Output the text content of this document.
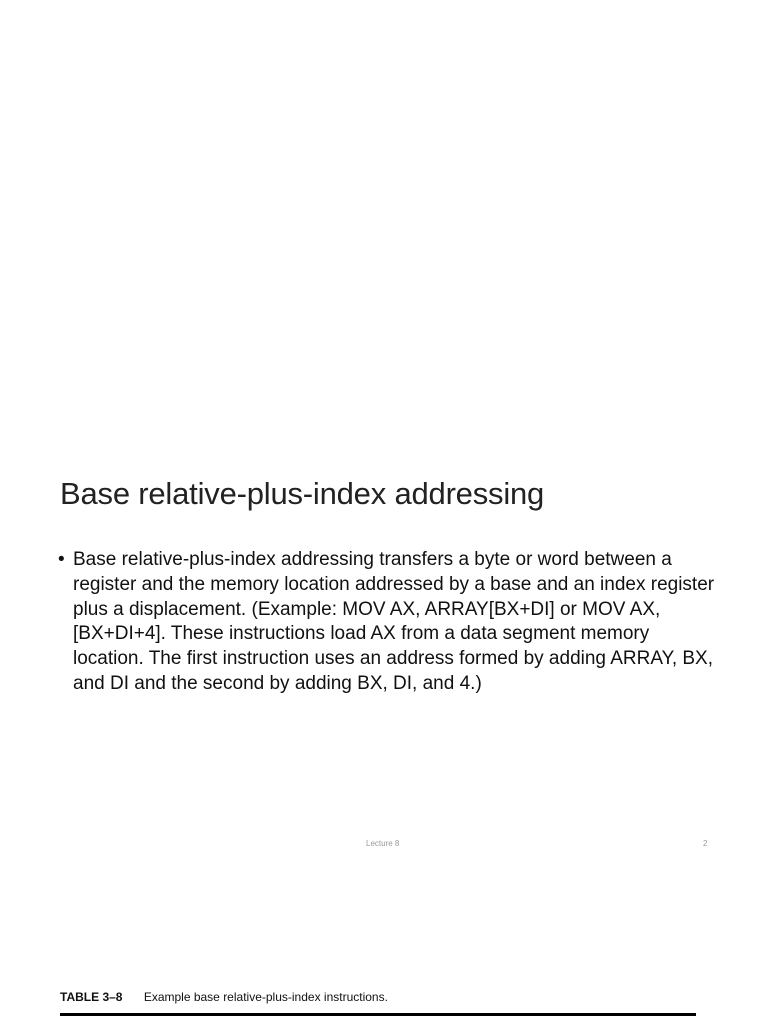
Base relative-plus-index addressing
• Base relative-plus-index addressing transfers a byte or word between a register and the memory location addressed by a base and an index register plus a displacement. (Example: MOV AX, ARRAY[BX+DI] or MOV AX, [BX+DI+4]. These instructions load AX from a data segment memory location. The first instruction uses an address formed by adding ARRAY, BX, and DI and the second by adding BX, DI, and 4.)
Lecture 8	2
TABLE 3–8 Example base relative-plus-index instructions.
